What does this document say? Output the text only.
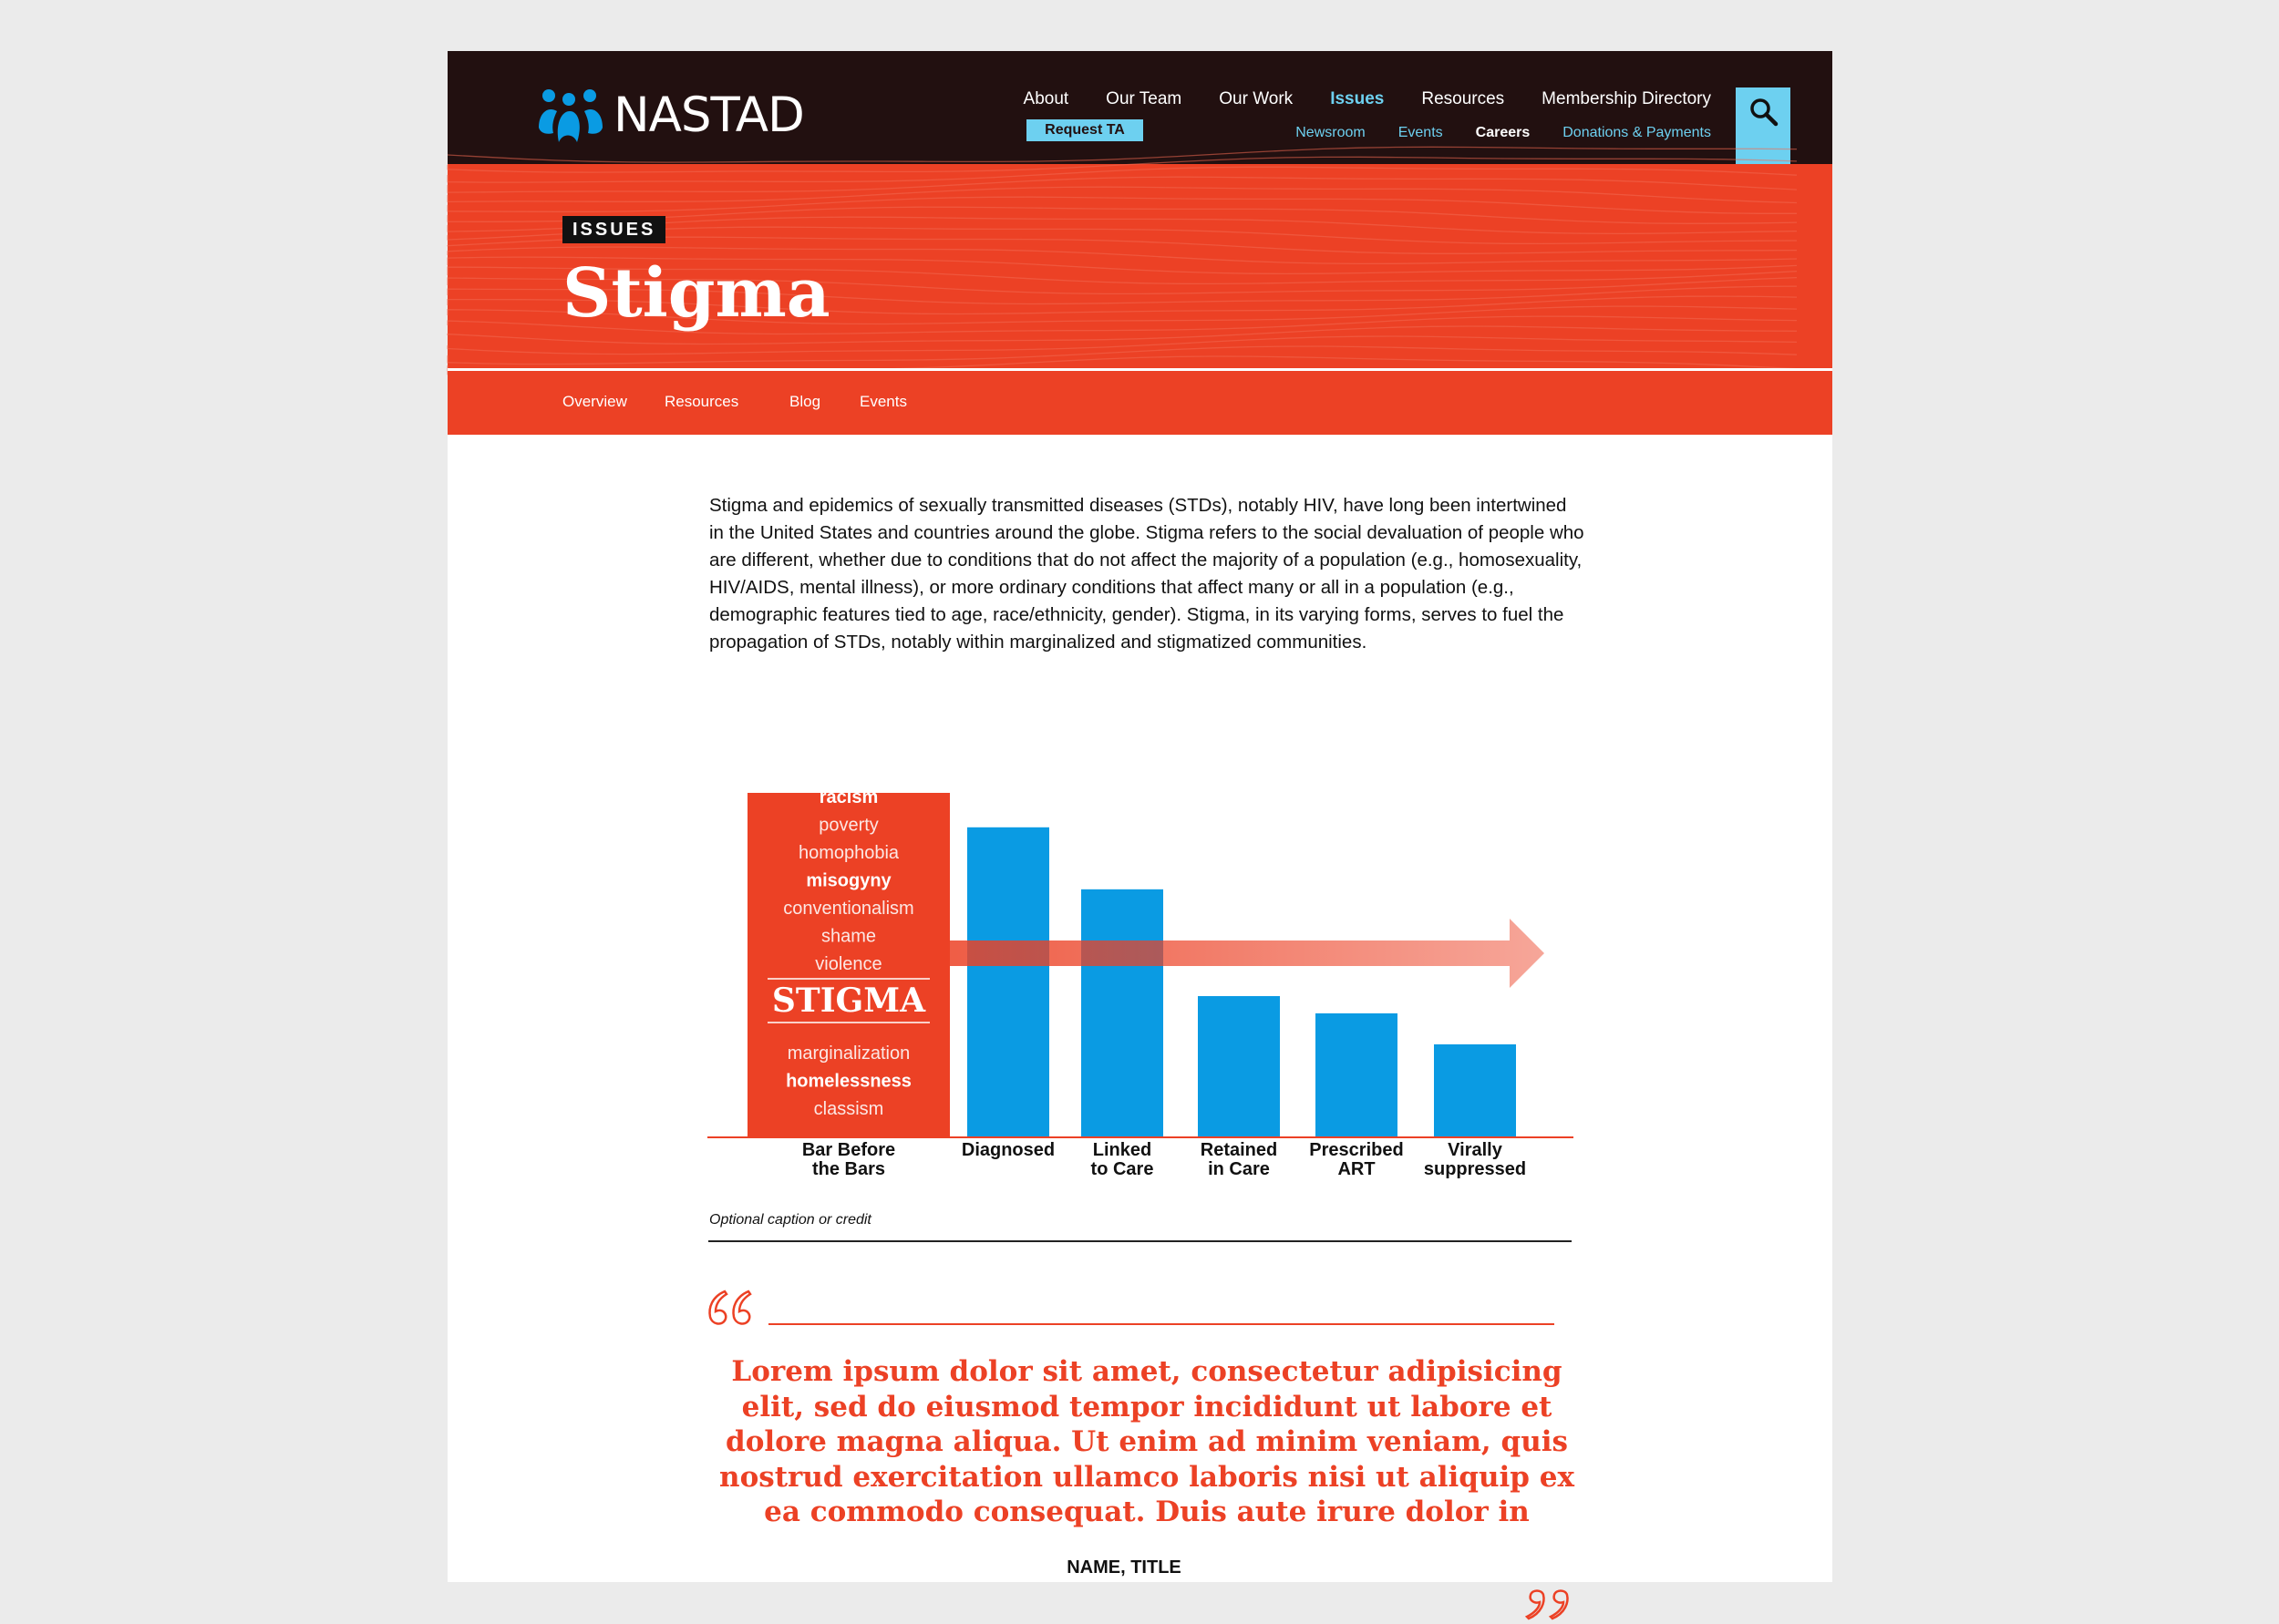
NASTAD	About Our Team Our Work Issues Resources Membership Directory
Request TA	Newsroom Events Careers Donations & Payments
ISSUES
Stigma
Overview Resources	Blog	Events

Stigma and epidemics of sexually transmitted diseases (STDs), notably HIV, have long been intertwined in the United States and countries around the globe. Stigma refers to the social devaluation of people who are different, whether due to conditions that do not affect the majority of a population (e.g., homosexuality, HIV/AIDS, mental illness), or more ordinary conditions that affect many or all in a population (e.g., demographic features tied to age, race/ethnicity, gender). Stigma, in its varying forms, serves to fuel the propagation of STDs, notably within marginalized and stigmatized communities.

racism
poverty
homophobia
misogyny
conventionalism
shame
violence
STIGMA
marginalization
homelessness
classism
Bar Before
the Bars
Diagnosed Linked
to Care
Retained
in Care
Prescribed
ART
Virally
suppressed
Optional caption or credit

Lorem ipsum dolor sit amet, consectetur adipisicing elit, sed do eiusmod tempor incididunt ut labore et dolore magna aliqua. Ut enim ad minim veniam, quis nostrud exercitation ullamco laboris nisi ut aliquip ex ea commodo consequat. Duis aute irure dolor in

NAME, TITLE
